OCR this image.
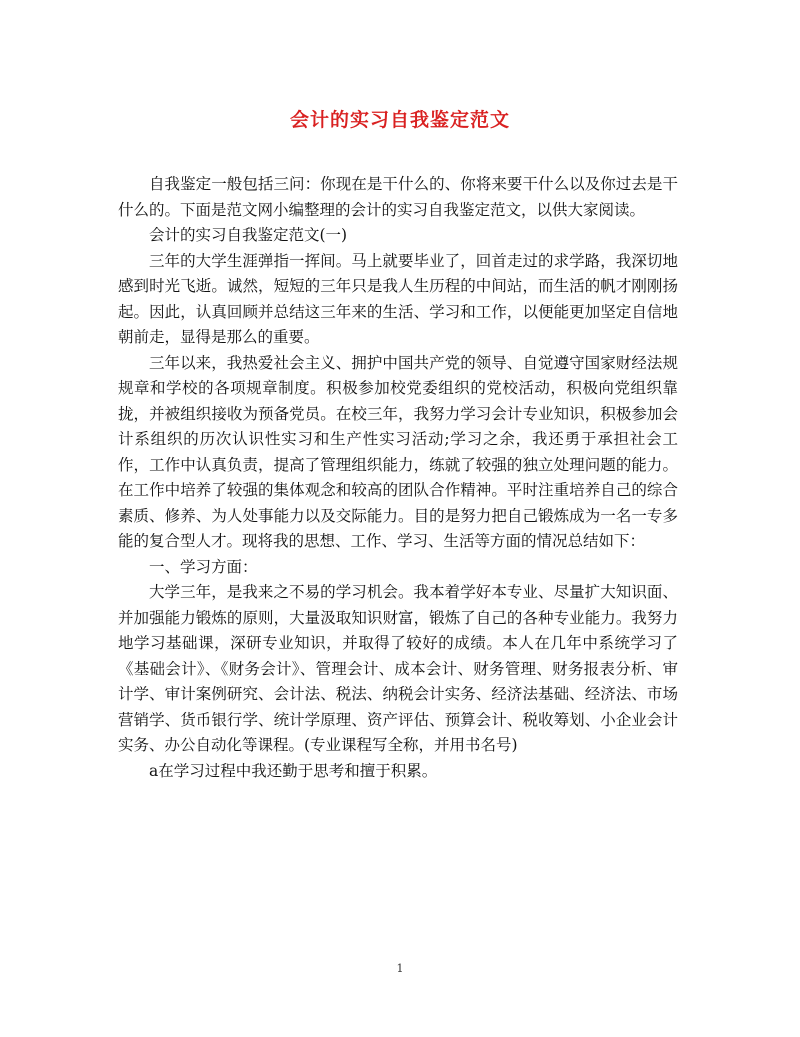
会计的实习自我鉴定范文

自我鉴定一般包括三问：你现在是干什么的、你将来要干什么以及你过去是干什么的。下面是范文网小编整理的会计的实习自我鉴定范文，以供大家阅读。

会计的实习自我鉴定范文(一)

三年的大学生涯弹指一挥间。马上就要毕业了，回首走过的求学路，我深切地感到时光飞逝。诚然，短短的三年只是我人生历程的中间站，而生活的帆才刚刚扬起。因此，认真回顾并总结这三年来的生活、学习和工作，以便能更加坚定自信地朝前走，显得是那么的重要。

三年以来，我热爱社会主义、拥护中国共产党的领导、自觉遵守国家财经法规规章和学校的各项规章制度。积极参加校党委组织的党校活动，积极向党组织靠拢，并被组织接收为预备党员。在校三年，我努力学习会计专业知识，积极参加会计系组织的历次认识性实习和生产性实习活动;学习之余，我还勇于承担社会工作，工作中认真负责，提高了管理组织能力，练就了较强的独立处理问题的能力。在工作中培养了较强的集体观念和较高的团队合作精神。平时注重培养自己的综合素质、修养、为人处事能力以及交际能力。目的是努力把自己锻炼成为一名一专多能的复合型人才。现将我的思想、工作、学习、生活等方面的情况总结如下：

一、学习方面：

大学三年，是我来之不易的学习机会。我本着学好本专业、尽量扩大知识面、并加强能力锻炼的原则，大量汲取知识财富，锻炼了自己的各种专业能力。我努力地学习基础课，深研专业知识，并取得了较好的成绩。本人在几年中系统学习了《基础会计》、《财务会计》、管理会计、成本会计、财务管理、财务报表分析、审计学、审计案例研究、会计法、税法、纳税会计实务、经济法基础、经济法、市场营销学、货币银行学、统计学原理、资产评估、预算会计、税收筹划、小企业会计实务、办公自动化等课程。(专业课程写全称，并用书名号)

a在学习过程中我还勤于思考和擅于积累。

1
